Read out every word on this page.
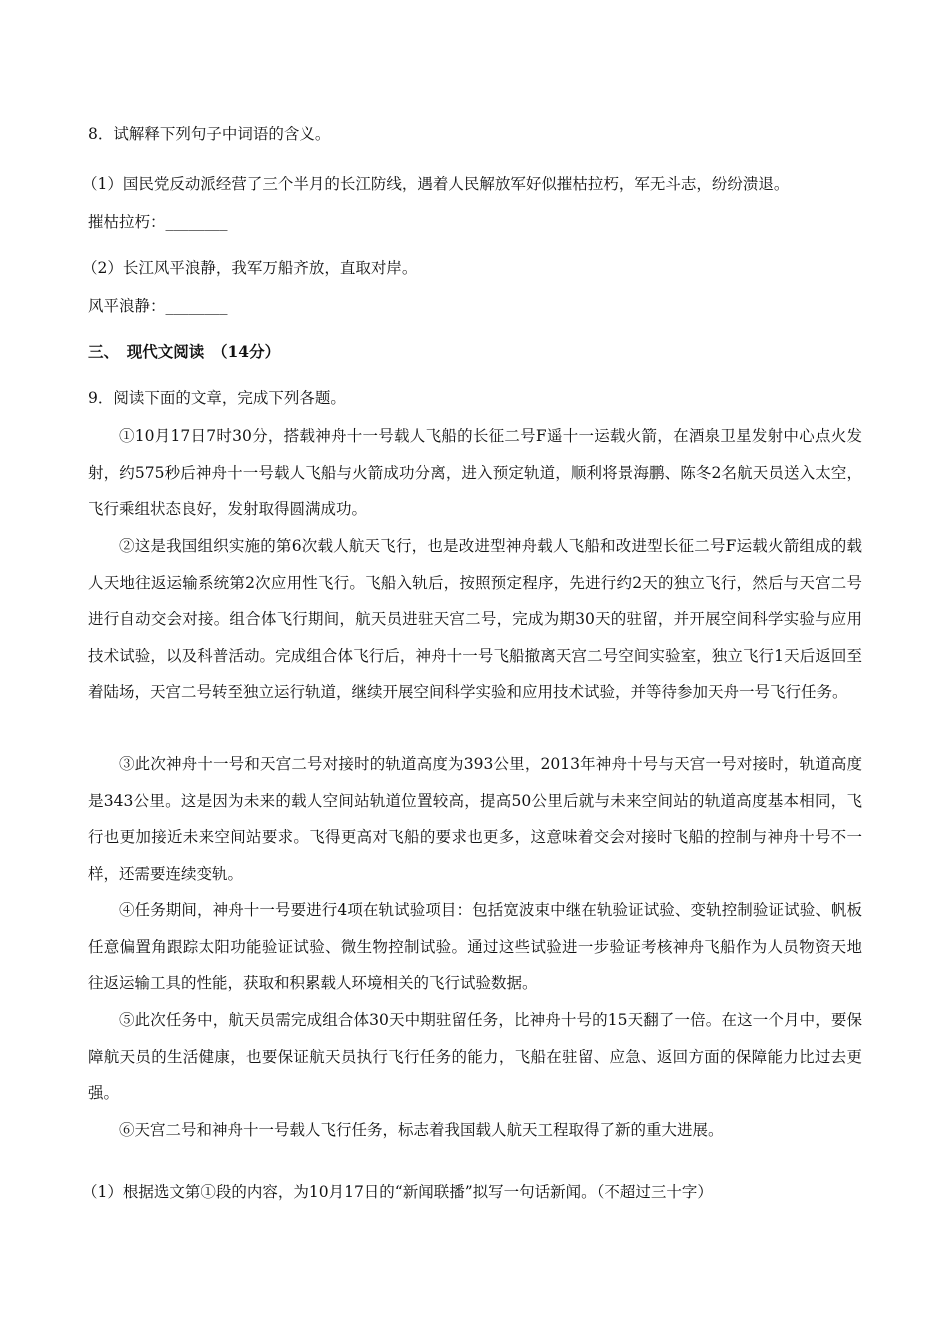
8．试解释下列句子中词语的含义。
（1）国民党反动派经营了三个半月的长江防线，遇着人民解放军好似摧枯拉朽，军无斗志，纷纷溃退。
摧枯拉朽：________
（2）长江风平浪静，我军万船齐放，直取对岸。
风平浪静：________
三、　现代文阅读　（14分）
9．阅读下面的文章，完成下列各题。
①10月17日7时30分，搭载神舟十一号载人飞船的长征二号F遥十一运载火箭，在酒泉卫星发射中心点火发射，约575秒后神舟十一号载人飞船与火箭成功分离，进入预定轨道，顺利将景海鹏、陈冬2名航天员送入太空，飞行乘组状态良好，发射取得圆满成功。
②这是我国组织实施的第6次载人航天飞行，也是改进型神舟载人飞船和改进型长征二号F运载火箭组成的载人天地往返运输系统第2次应用性飞行。飞船入轨后，按照预定程序，先进行约2天的独立飞行，然后与天宫二号进行自动交会对接。组合体飞行期间，航天员进驻天宫二号，完成为期30天的驻留，并开展空间科学实验与应用技术试验，以及科普活动。完成组合体飞行后，神舟十一号飞船撤离天宫二号空间实验室，独立飞行1天后返回至着陆场，天宫二号转至独立运行轨道，继续开展空间科学实验和应用技术试验，并等待参加天舟一号飞行任务。
③此次神舟十一号和天宫二号对接时的轨道高度为393公里，2013年神舟十号与天宫一号对接时，轨道高度是343公里。这是因为未来的载人空间站轨道位置较高，提高50公里后就与未来空间站的轨道高度基本相同，飞行也更加接近未来空间站要求。飞得更高对飞船的要求也更多，这意味着交会对接时飞船的控制与神舟十号不一样，还需要连续变轨。
④任务期间，神舟十一号要进行4项在轨试验项目：包括宽波束中继在轨验证试验、变轨控制验证试验、帆板任意偏置角跟踪太阳功能验证试验、微生物控制试验。通过这些试验进一步验证考核神舟飞船作为人员物资天地往返运输工具的性能，获取和积累载人环境相关的飞行试验数据。
⑤此次任务中，航天员需完成组合体30天中期驻留任务，比神舟十号的15天翻了一倍。在这一个月中，要保障航天员的生活健康，也要保证航天员执行飞行任务的能力，飞船在驻留、应急、返回方面的保障能力比过去更强。
⑥天宫二号和神舟十一号载人飞行任务，标志着我国载人航天工程取得了新的重大进展。
（1）根据选文第①段的内容，为10月17日的“新闻联播”拟写一句话新闻。（不超过三十字）
